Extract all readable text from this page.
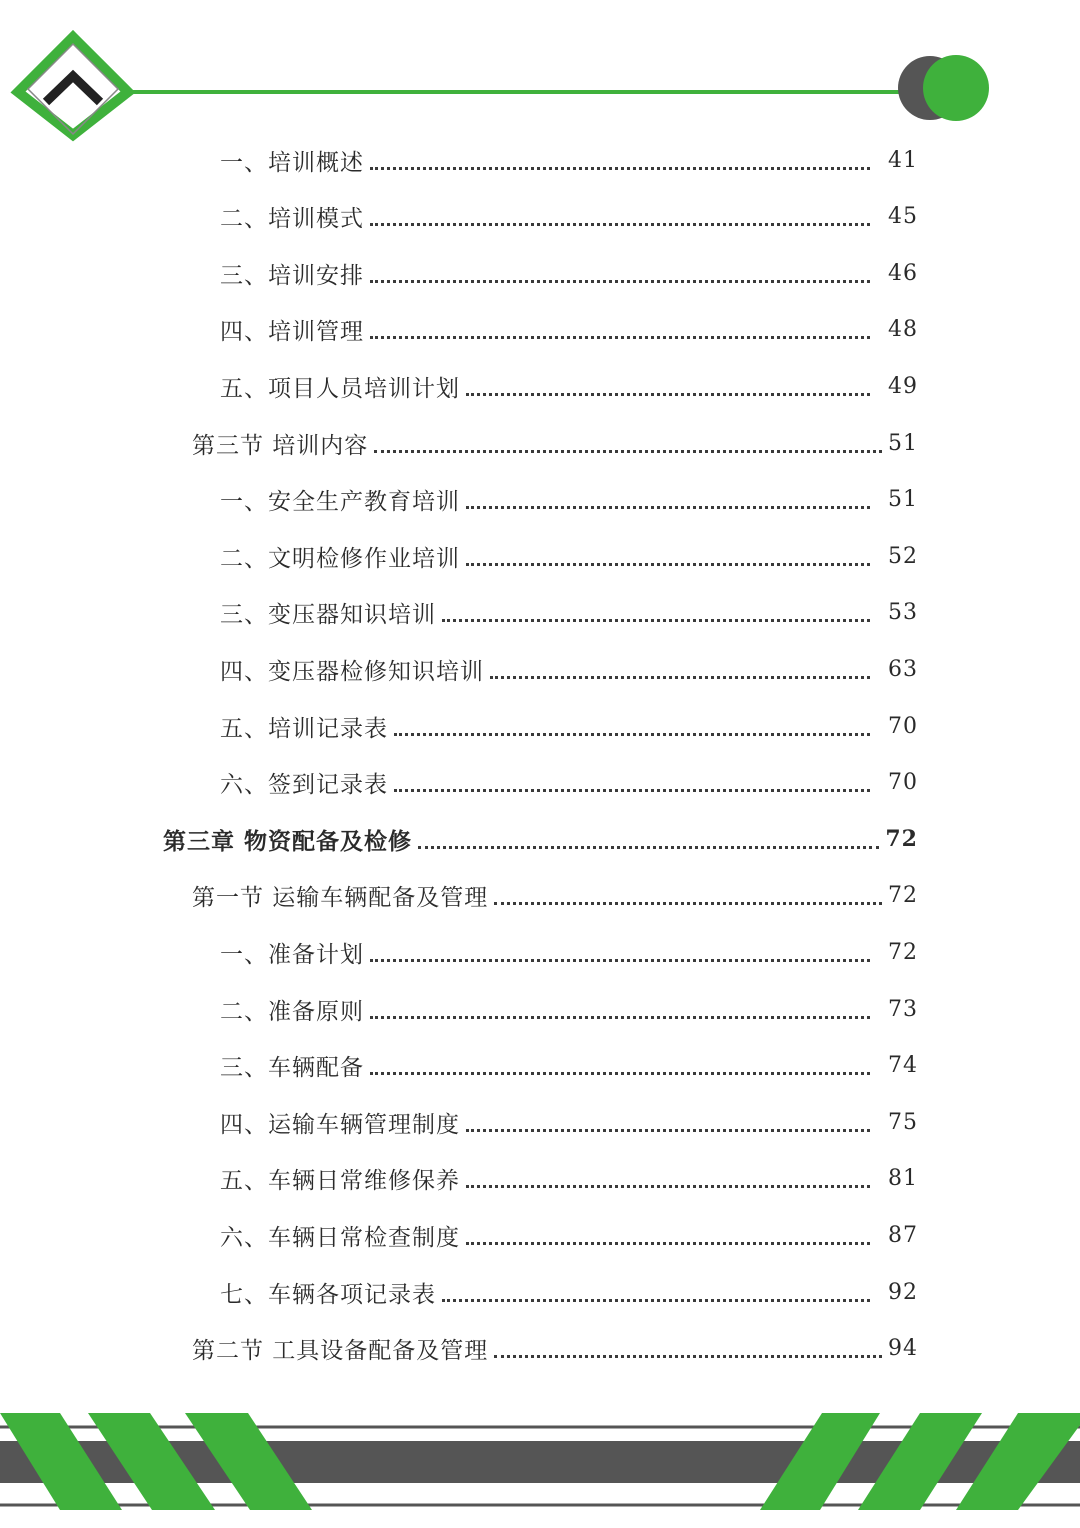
一、培训概述	41
二、培训模式	45
三、培训安排	46
四、培训管理	48
五、项目人员培训计划	49
第三节 培训内容	51
一、安全生产教育培训	51
二、文明检修作业培训	52
三、变压器知识培训	53
四、变压器检修知识培训	63
五、培训记录表	70
六、签到记录表	70
第三章 物资配备及检修	72
第一节 运输车辆配备及管理	72
一、准备计划	72
二、准备原则	73
三、车辆配备	74
四、运输车辆管理制度	75
五、车辆日常维修保养	81
六、车辆日常检查制度	87
七、车辆各项记录表	92
第二节 工具设备配备及管理	94
